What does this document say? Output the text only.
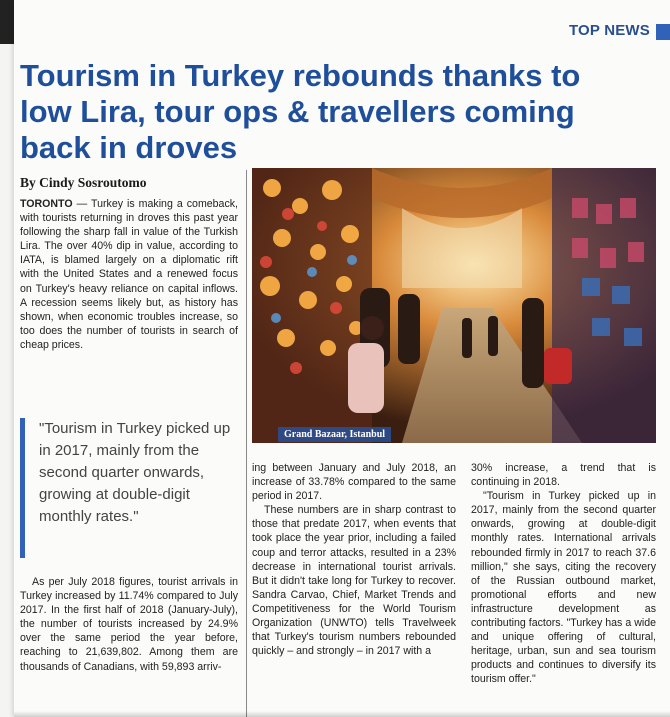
TOP NEWS
Tourism in Turkey rebounds thanks to low Lira, tour ops & travellers coming back in droves
By Cindy Sosroutomo

TORONTO — Turkey is making a comeback, with tourists returning in droves this past year following the sharp fall in value of the Turkish Lira. The over 40% dip in value, according to IATA, is blamed largely on a diplomatic rift with the United States and a renewed focus on Turkey's heavy reliance on capital inflows. A recession seems likely but, as history has shown, when economic troubles increase, so too does the number of tourists in search of cheap prices.

"Tourism in Turkey picked up in 2017, mainly from the second quarter onwards, growing at double-digit monthly rates."

As per July 2018 figures, tourist arrivals in Turkey increased by 11.74% compared to July 2017. In the first half of 2018 (January-July), the number of tourists increased by 24.9% over the same period the year before, reaching to 21,639,802. Among them are thousands of Canadians, with 59,893 arriv-

Grand Bazaar, Istanbul

ing between January and July 2018, an increase of 33.78% compared to the same period in 2017.

These numbers are in sharp contrast to those that predate 2017, when events that took place the year prior, including a failed coup and terror attacks, resulted in a 23% decrease in international tourist arrivals. But it didn't take long for Turkey to recover. Sandra Carvao, Chief, Market Trends and Competitiveness for the World Tourism Organization (UNWTO) tells Travelweek that Turkey's tourism numbers rebounded quickly – and strongly – in 2017 with a

30% increase, a trend that is continuing in 2018.

"Tourism in Turkey picked up in 2017, mainly from the second quarter onwards, growing at double-digit monthly rates. International arrivals rebounded firmly in 2017 to reach 37.6 million," she says, citing the recovery of the Russian outbound market, promotional efforts and new infrastructure development as contributing factors. "Turkey has a wide and unique offering of cultural, heritage, urban, sun and sea tourism products and continues to diversify its tourism offer."
